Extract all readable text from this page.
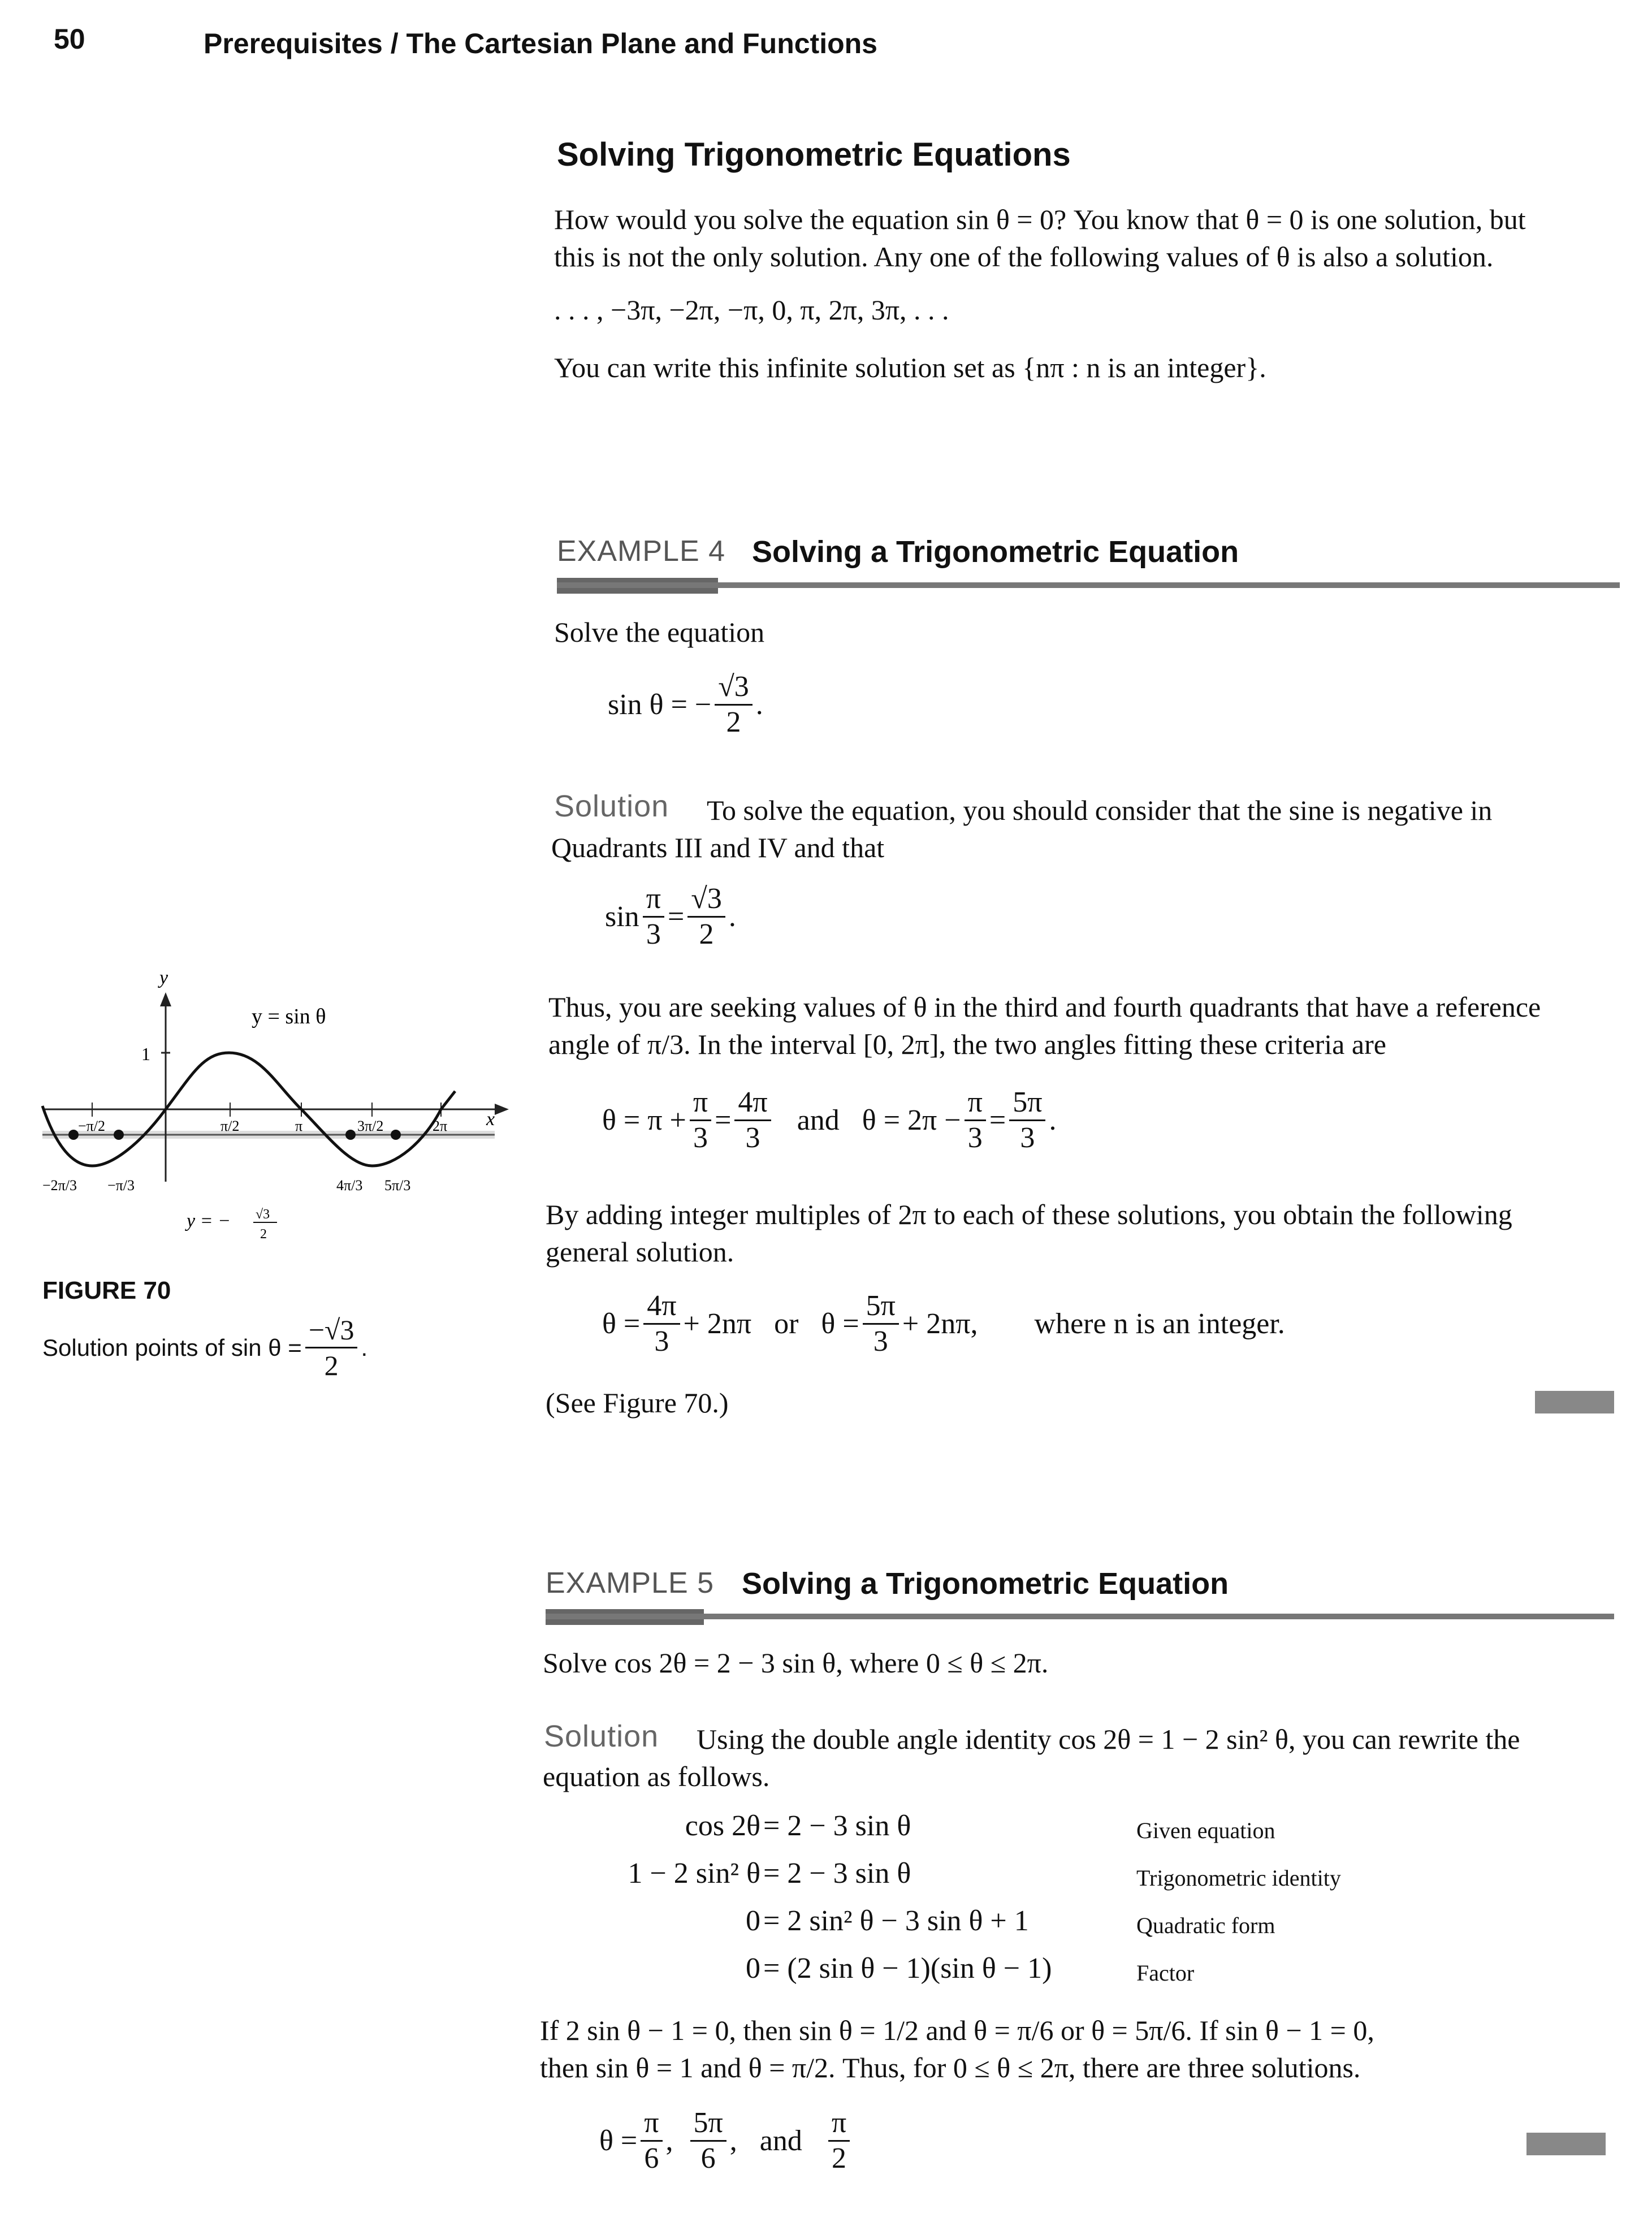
50	Prerequisites / The Cartesian Plane and Functions
Solving Trigonometric Equations
How would you solve the equation sin θ = 0? You know that θ = 0 is one solution, but
this is not the only solution. Any one of the following values of θ is also a solution.
. . . , −3π, −2π, −π, 0, π, 2π, 3π, . . .
You can write this infinite solution set as {nπ : n is an integer}.
EXAMPLE 4 Solving a Trigonometric Equation
Solve the equation
sin θ = − $\frac{√3}{2}$ .
Solution To solve the equation, you should consider that the sine is negative in
Quadrants III and IV and that
$\sin \frac{\pi}{3} = \frac{√3}{2}$ .
Thus, you are seeking values of θ in the third and fourth quadrants that have a reference
angle of π/3. In the interval [0, 2π], the two angles fitting these criteria are
$\theta = \pi + \frac{\pi}{3} = \frac{4\pi}{3}$ and $\theta = 2\pi - \frac{\pi}{3} = \frac{5\pi}{3}$ .
By adding integer multiples of 2π to each of these solutions, you obtain the following
general solution.
$\theta = \frac{4\pi}{3} + 2n\pi$ or $\theta = \frac{5\pi}{3} + 2n\pi$, where n is an integer.
(See Figure 70.)
y
x
1
y = sin θ
−π/2	π/2	π	3π/2	2π
−2π/3 −π/3	4π/3 5π/3
y = − √3
2
FIGURE 70
Solution points of $\sin \theta = \frac{-√3}{2}$ .
EXAMPLE 5 Solving a Trigonometric Equation
Solve cos 2θ = 2 − 3 sin θ, where 0 ≤ θ ≤ 2π.
Solution Using the double angle identity cos 2θ = 1 − 2 sin² θ, you can rewrite the
equation as follows.
cos 2θ = 2 − 3 sin θ	Given equation
1 − 2 sin² θ = 2 − 3 sin θ	Trigonometric identity
0 = 2 sin² θ − 3 sin θ + 1	Quadratic form
0 = (2 sin θ − 1)(sin θ − 1)	Factor
If 2 sin θ − 1 = 0, then sin θ = 1/2 and θ = π/6 or θ = 5π/6. If sin θ − 1 = 0,
then sin θ = 1 and θ = π/2. Thus, for 0 ≤ θ ≤ 2π, there are three solutions.
$\theta = \frac{\pi}{6}$ , $\frac{5\pi}{6}$ , and $\frac{\pi}{2}$
